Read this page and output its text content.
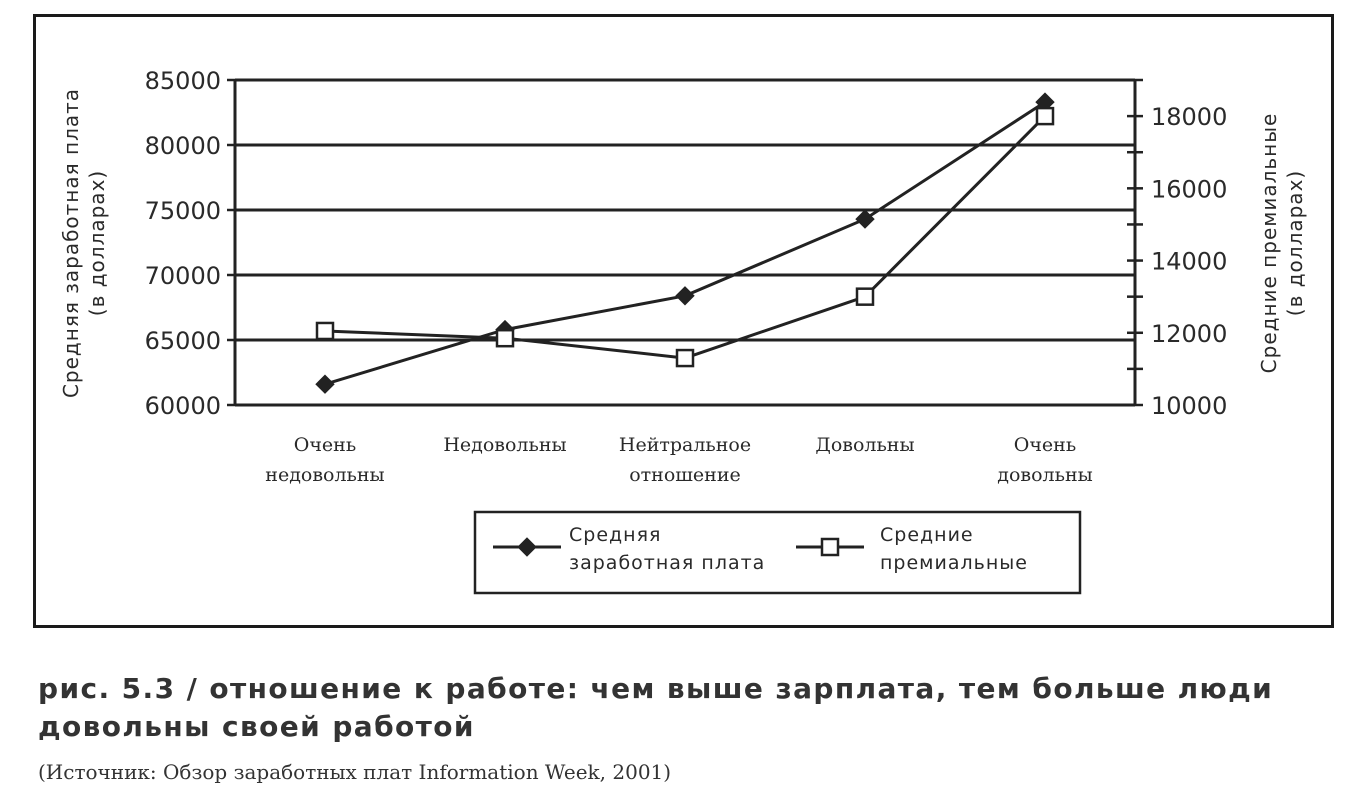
85000
80000
75000
70000
65000
60000
18000
16000
14000
12000
10000
Очень недовольны
Недовольны	Нейтральное отношение
Довольны	Очень довольны
Средняя заработная плата (в долларах)	Средние премиальные (в долларах)
Средняя заработная плата
Средние премиальные

рис. 5.3 / отношение к работе: чем выше зарплата, тем больше люди довольны своей работой

(Источник: Обзор заработных плат Information Week, 2001)
